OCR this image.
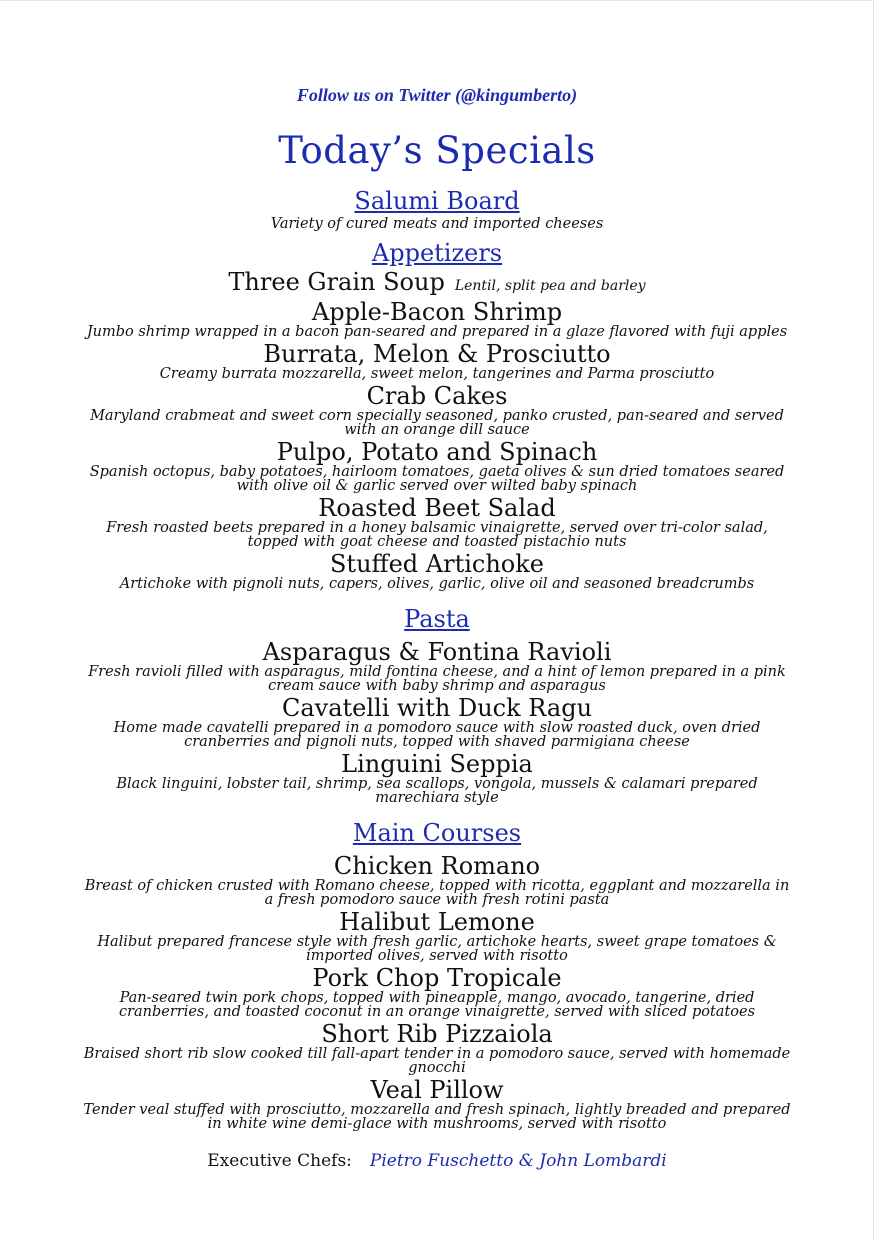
Follow us on Twitter (@kingumberto)
Today’s Specials
Salumi Board
Variety of cured meats and imported cheeses
Appetizers
Three Grain Soup Lentil, split pea and barley
Apple-Bacon Shrimp
Jumbo shrimp wrapped in a bacon pan-seared and prepared in a glaze flavored with fuji apples
Burrata, Melon & Prosciutto
Creamy burrata mozzarella, sweet melon, tangerines and Parma prosciutto
Crab Cakes
Maryland crabmeat and sweet corn specially seasoned, panko crusted, pan-seared and served with an orange dill sauce
Pulpo, Potato and Spinach
Spanish octopus, baby potatoes, hairloom tomatoes, gaeta olives & sun dried tomatoes seared with olive oil & garlic served over wilted baby spinach
Roasted Beet Salad
Fresh roasted beets prepared in a honey balsamic vinaigrette, served over tri-color salad, topped with goat cheese and toasted pistachio nuts
Stuffed Artichoke
Artichoke with pignoli nuts, capers, olives, garlic, olive oil and seasoned breadcrumbs
Pasta
Asparagus & Fontina Ravioli
Fresh ravioli filled with asparagus, mild fontina cheese, and a hint of lemon prepared in a pink cream sauce with baby shrimp and asparagus
Cavatelli with Duck Ragu
Home made cavatelli prepared in a pomodoro sauce with slow roasted duck, oven dried cranberries and pignoli nuts, topped with shaved parmigiana cheese
Linguini Seppia
Black linguini, lobster tail, shrimp, sea scallops, vongola, mussels & calamari prepared marechiara style
Main Courses
Chicken Romano
Breast of chicken crusted with Romano cheese, topped with ricotta, eggplant and mozzarella in a fresh pomodoro sauce with fresh rotini pasta
Halibut Lemone
Halibut prepared francese style with fresh garlic, artichoke hearts, sweet grape tomatoes & imported olives, served with risotto
Pork Chop Tropicale
Pan-seared twin pork chops, topped with pineapple, mango, avocado, tangerine, dried cranberries, and toasted coconut in an orange vinaigrette, served with sliced potatoes
Short Rib Pizzaiola
Braised short rib slow cooked till fall-apart tender in a pomodoro sauce, served with homemade gnocchi
Veal Pillow
Tender veal stuffed with prosciutto, mozzarella and fresh spinach, lightly breaded and prepared in white wine demi-glace with mushrooms, served with risotto
Executive Chefs: Pietro Fuschetto & John Lombardi
